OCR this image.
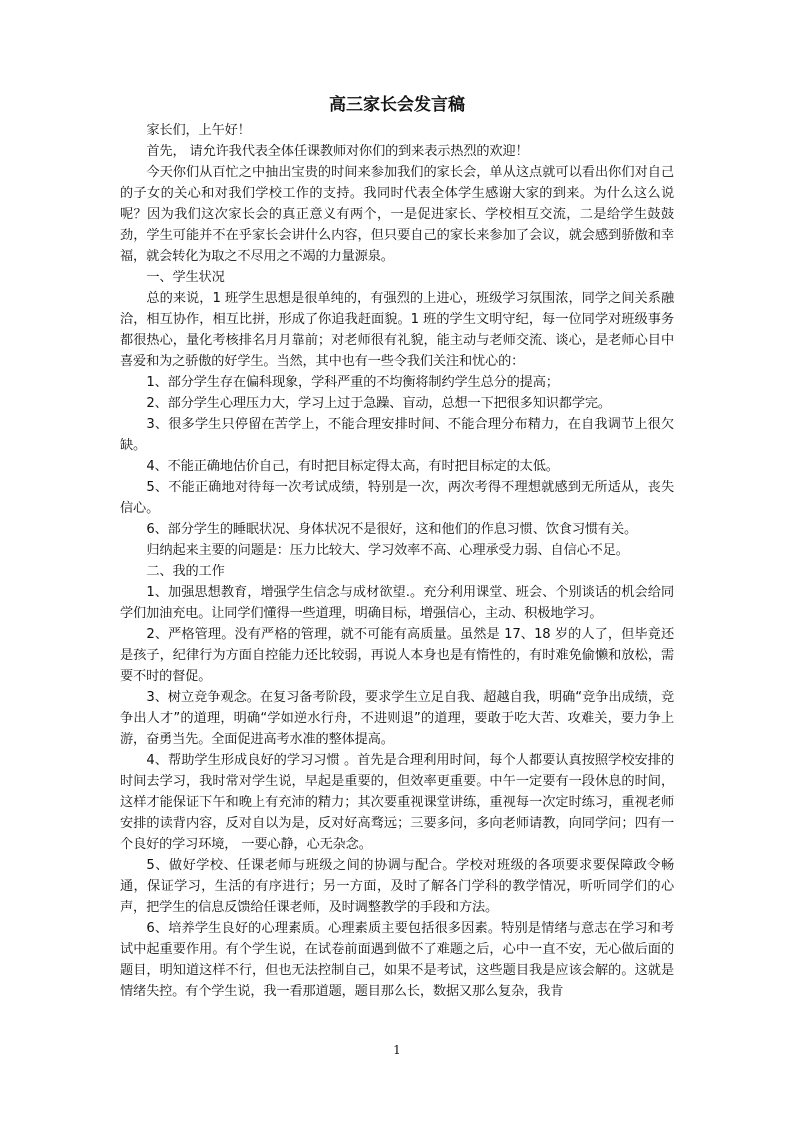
高三家长会发言稿

家长们，上午好！

首先， 请允许我代表全体任课教师对你们的到来表示热烈的欢迎！

今天你们从百忙之中抽出宝贵的时间来参加我们的家长会，单从这点就可以看出你们对自己的子女的关心和对我们学校工作的支持。我同时代表全体学生感谢大家的到来。为什么这么说呢？因为我们这次家长会的真正意义有两个，一是促进家长、学校相互交流，二是给学生鼓鼓劲，学生可能并不在乎家长会讲什么内容，但只要自己的家长来参加了会议，就会感到骄傲和幸福，就会转化为取之不尽用之不竭的力量源泉。

一、学生状况

总的来说，1 班学生思想是很单纯的，有强烈的上进心，班级学习氛围浓，同学之间关系融洽，相互协作，相互比拼，形成了你追我赶面貌。1 班的学生文明守纪，每一位同学对班级事务都很热心，量化考核排名月月靠前；对老师很有礼貌，能主动与老师交流、谈心，是老师心目中喜爱和为之骄傲的好学生。当然，其中也有一些令我们关注和忧心的：

1、部分学生存在偏科现象，学科严重的不均衡将制约学生总分的提高；

2、部分学生心理压力大，学习上过于急躁、盲动，总想一下把很多知识都学完。

3、很多学生只停留在苦学上，不能合理安排时间、不能合理分布精力，在自我调节上很欠缺。

4、不能正确地估价自己，有时把目标定得太高，有时把目标定的太低。

5、不能正确地对待每一次考试成绩，特别是一次，两次考得不理想就感到无所适从，丧失信心。

6、部分学生的睡眠状况、身体状况不是很好，这和他们的作息习惯、饮食习惯有关。

归纳起来主要的问题是：压力比较大、学习效率不高、心理承受力弱、自信心不足。

二、我的工作

1、加强思想教育，增强学生信念与成材欲望.。充分利用课堂、班会、个别谈话的机会给同学们加油充电。让同学们懂得一些道理，明确目标，增强信心，主动、积极地学习。

2、严格管理。没有严格的管理，就不可能有高质量。虽然是 17、18 岁的人了，但毕竟还是孩子，纪律行为方面自控能力还比较弱，再说人本身也是有惰性的，有时难免偷懒和放松，需要不时的督促。

3、树立竞争观念。在复习备考阶段，要求学生立足自我、超越自我，明确“竞争出成绩，竞争出人才”的道理，明确“学如逆水行舟，不进则退”的道理，要敢于吃大苦、攻难关，要力争上游，奋勇当先。全面促进高考水准的整体提高。

4、帮助学生形成良好的学习习惯 。首先是合理利用时间，每个人都要认真按照学校安排的时间去学习，我时常对学生说，早起是重要的，但效率更重要。中午一定要有一段休息的时间，这样才能保证下午和晚上有充沛的精力；其次要重视课堂讲练，重视每一次定时练习，重视老师安排的读背内容，反对自以为是，反对好高骛远；三要多问，多向老师请教，向同学问；四有一个良好的学习环境， 一要心静，心无杂念。

5、做好学校、任课老师与班级之间的协调与配合。学校对班级的各项要求要保障政令畅通，保证学习，生活的有序进行；另一方面，及时了解各门学科的教学情况，听听同学们的心声，把学生的信息反馈给任课老师，及时调整教学的手段和方法。

6、培养学生良好的心理素质。心理素质主要包括很多因素。特别是情绪与意志在学习和考试中起重要作用。有个学生说，在试卷前面遇到做不了难题之后，心中一直不安，无心做后面的题目，明知道这样不行，但也无法控制自己，如果不是考试，这些题目我是应该会解的。这就是情绪失控。有个学生说，我一看那道题，题目那么长，数据又那么复杂，我肯

1
